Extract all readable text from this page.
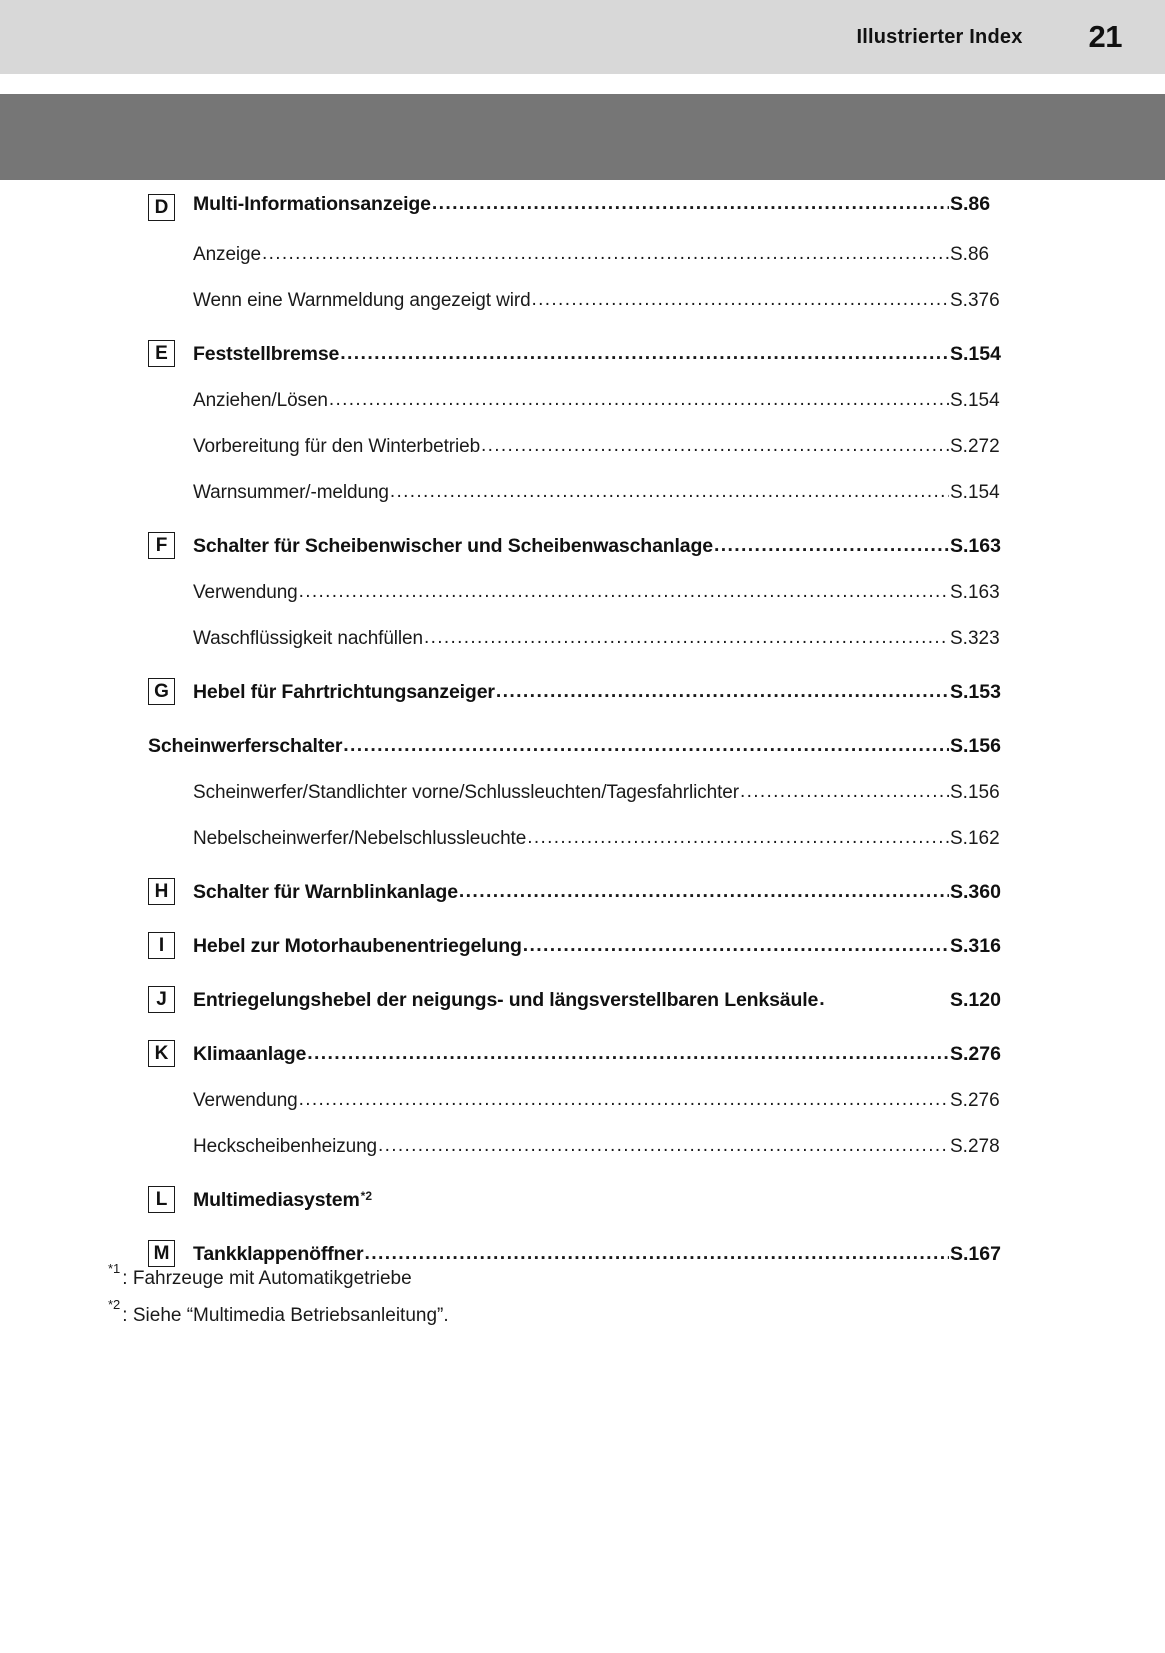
Illustrierter Index 21
D	Multi-Informationsanzeige .....	S.86
Anzeige .....	S.86
Wenn eine Warnmeldung angezeigt wird .....	S.376
E	Feststellbremse .....	S.154
Anziehen/Lösen .....	S.154
Vorbereitung für den Winterbetrieb .....	S.272
Warnsummer/-meldung .....	S.154
F	Schalter für Scheibenwischer und Scheibenwaschanlage .....	S.163
Verwendung .....	S.163
Waschflüssigkeit nachfüllen .....	S.323
G	Hebel für Fahrtrichtungsanzeiger .....	S.153
Scheinwerferschalter .....	S.156
Scheinwerfer/Standlichter vorne/Schlussleuchten/Tagesfahrlichter .....	S.156
Nebelscheinwerfer/Nebelschlussleuchte .....	S.162
H	Schalter für Warnblinkanlage .....	S.360
I	Hebel zur Motorhaubenentriegelung .....	S.316
J	Entriegelungshebel der neigungs- und längsverstellbaren Lenksäule .	S.120
K	Klimaanlage .....	S.276
Verwendung .....	S.276
Heckscheibenheizung .....	S.278
L	Multimediasystem *2
M Tankklappenöffner .....	S.167
$^{*1}$ : Fahrzeuge mit Automatikgetriebe
$^{*2}$ : Siehe “Multimedia Betriebsanleitung”.
